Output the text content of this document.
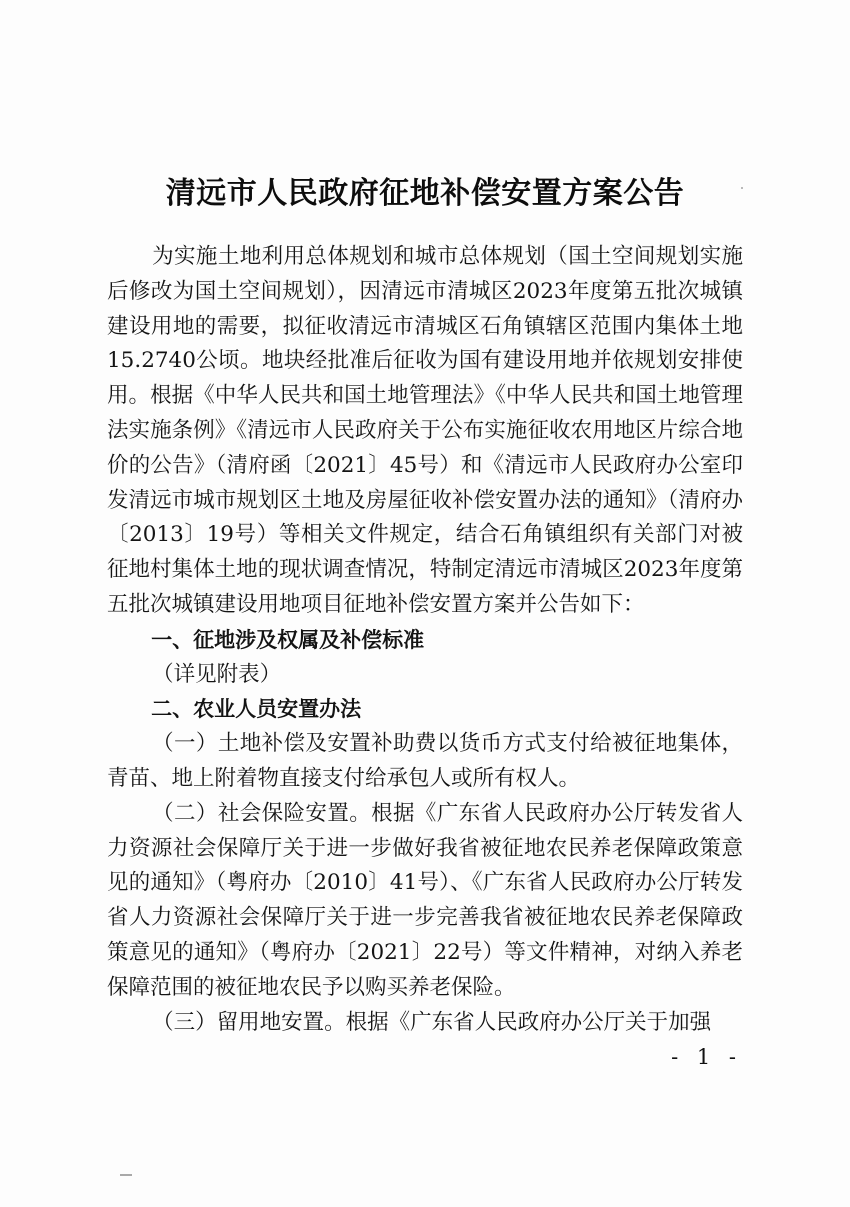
清远市人民政府征地补偿安置方案公告

为实施土地利用总体规划和城市总体规划（国土空间规划实施后修改为国土空间规划），因清远市清城区2023年度第五批次城镇建设用地的需要，拟征收清远市清城区石角镇辖区范围内集体土地15.2740公顷。地块经批准后征收为国有建设用地并依规划安排使用。根据《中华人民共和国土地管理法》《中华人民共和国土地管理法实施条例》《清远市人民政府关于公布实施征收农用地区片综合地价的公告》（清府函〔2021〕45号）和《清远市人民政府办公室印发清远市城市规划区土地及房屋征收补偿安置办法的通知》（清府办〔2013〕19号）等相关文件规定，结合石角镇组织有关部门对被征地村集体土地的现状调查情况，特制定清远市清城区2023年度第五批次城镇建设用地项目征地补偿安置方案并公告如下：

一、征地涉及权属及补偿标准

（详见附表）

二、农业人员安置办法

（一）土地补偿及安置补助费以货币方式支付给被征地集体，青苗、地上附着物直接支付给承包人或所有权人。

（二）社会保险安置。根据《广东省人民政府办公厅转发省人力资源社会保障厅关于进一步做好我省被征地农民养老保障政策意见的通知》（粤府办〔2010〕41号）、《广东省人民政府办公厅转发省人力资源社会保障厅关于进一步完善我省被征地农民养老保障政策意见的通知》（粤府办〔2021〕22号）等文件精神，对纳入养老保障范围的被征地农民予以购买养老保险。

（三）留用地安置。根据《广东省人民政府办公厅关于加强

- 1 -
